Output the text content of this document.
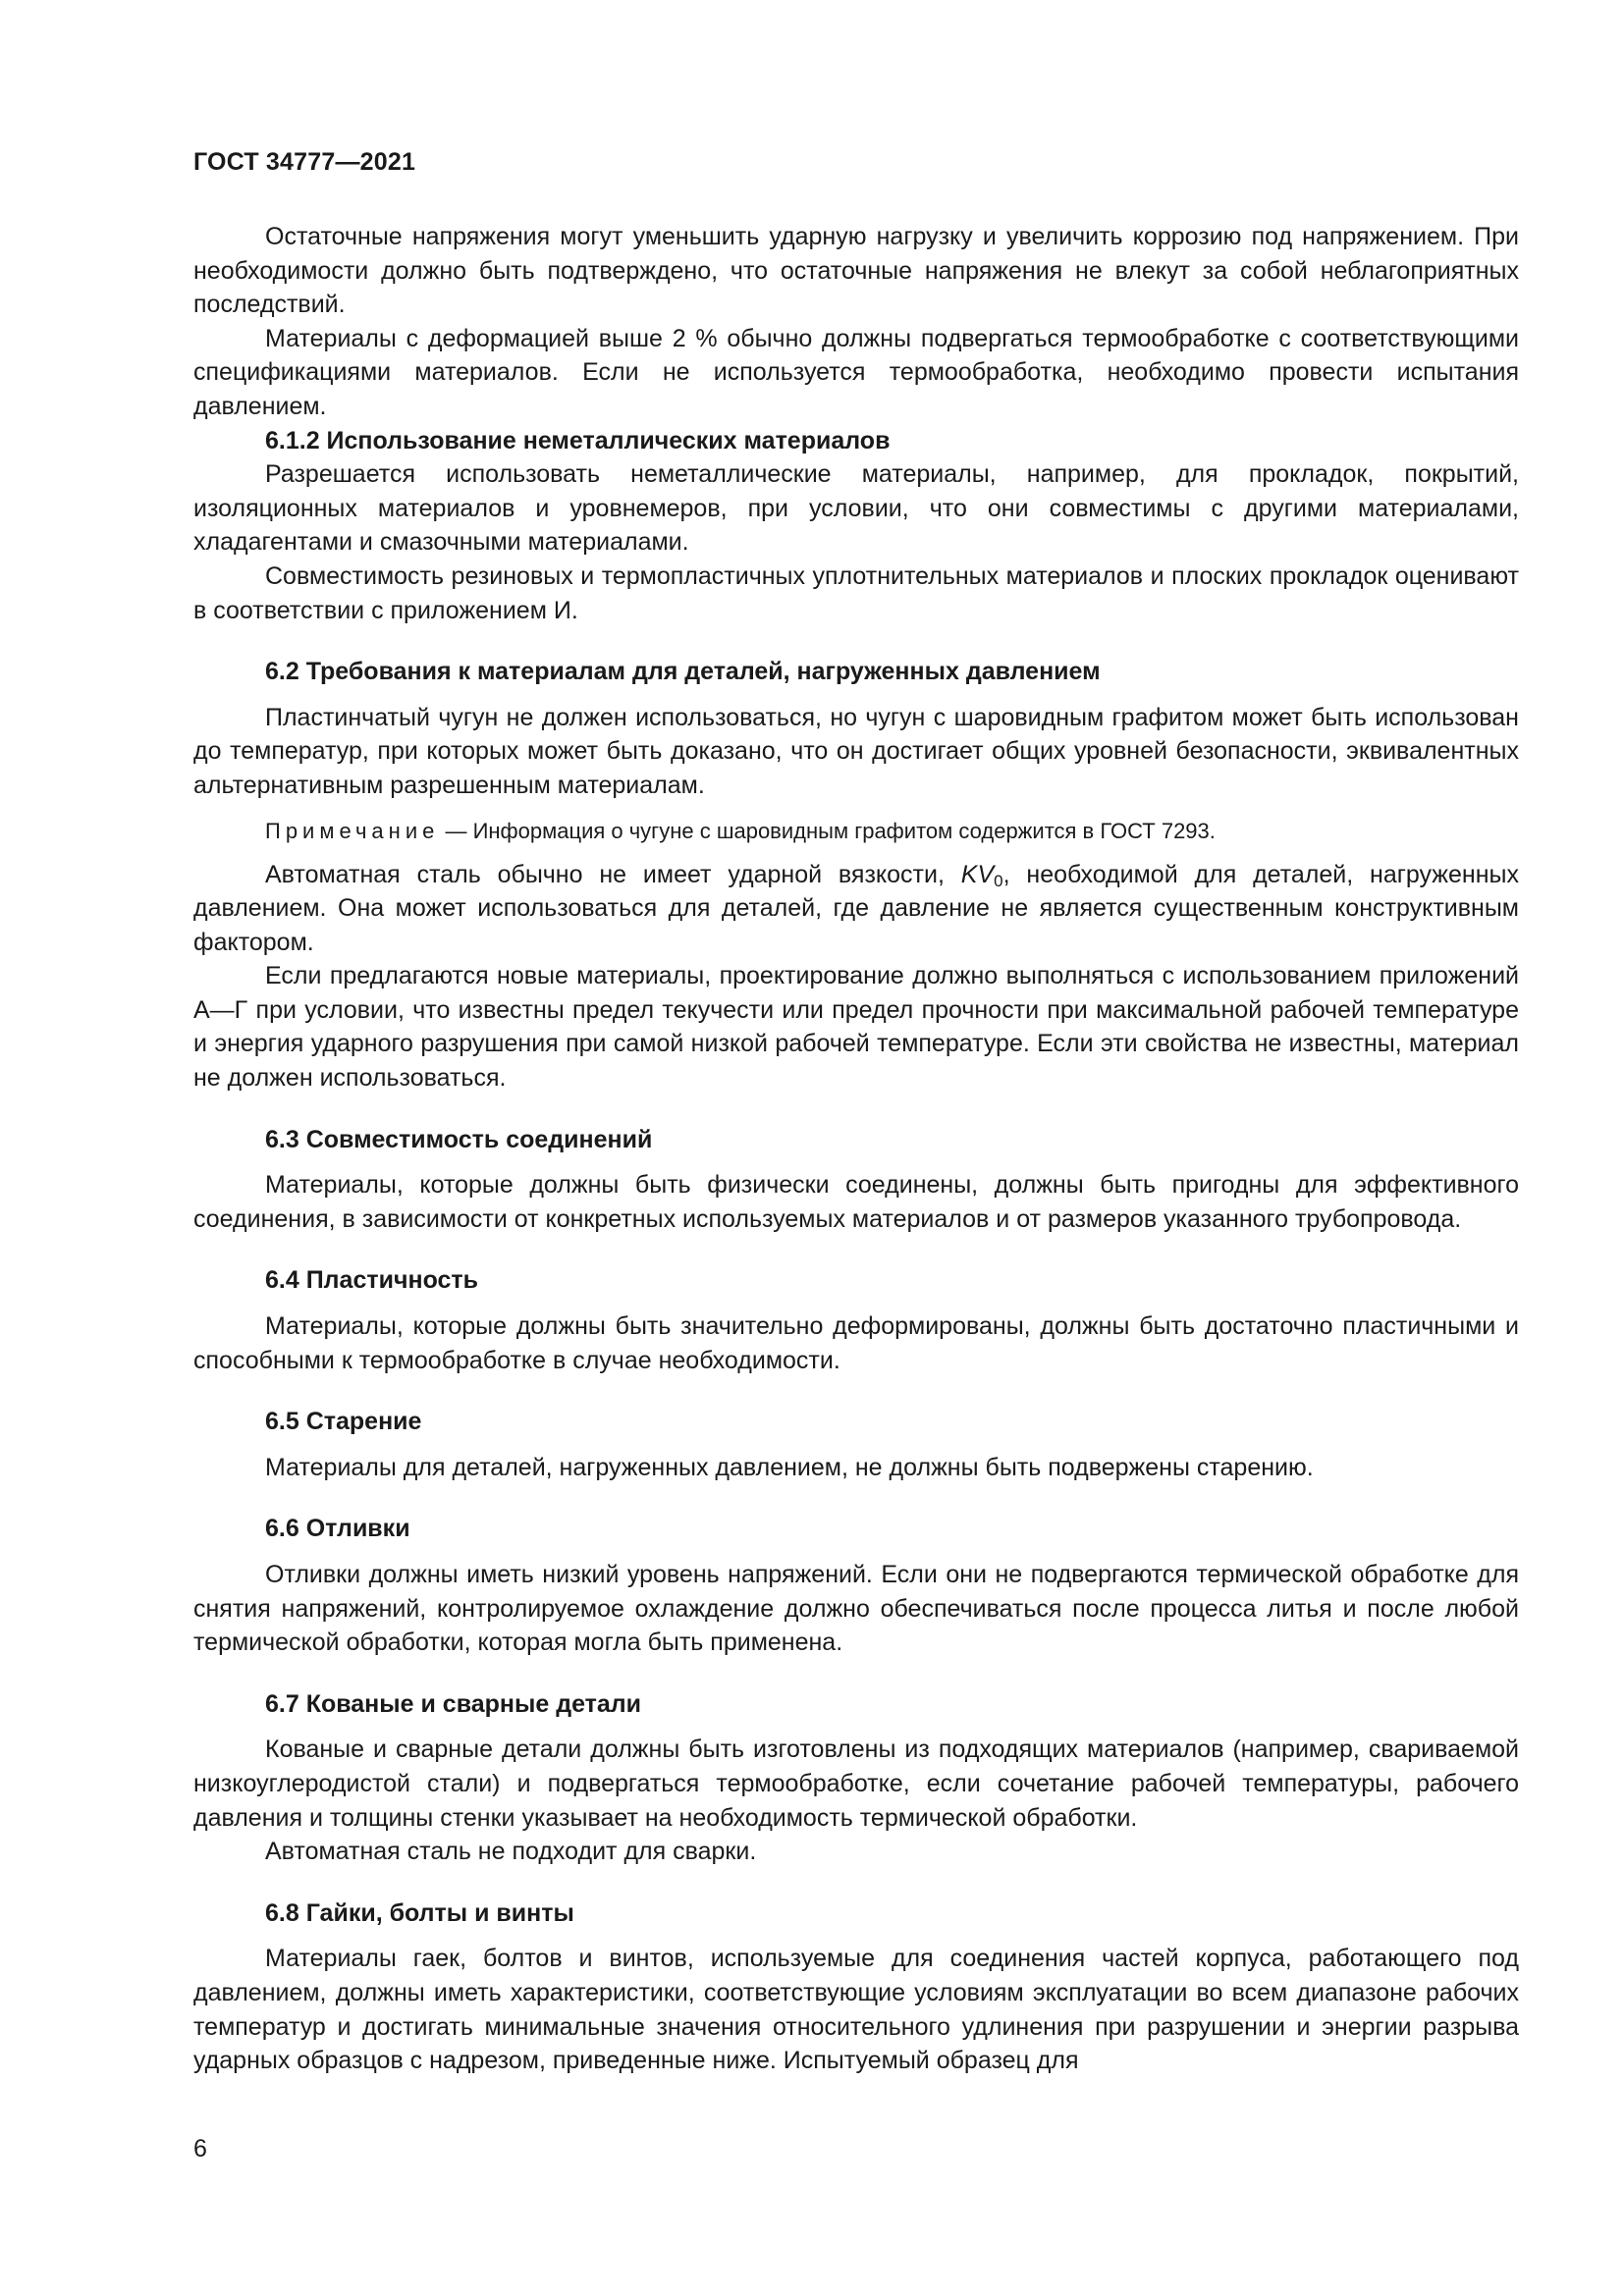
ГОСТ 34777—2021

Остаточные напряжения могут уменьшить ударную нагрузку и увеличить коррозию под напряжением. При необходимости должно быть подтверждено, что остаточные напряжения не влекут за собой неблагоприятных последствий.

Материалы с деформацией выше 2 % обычно должны подвергаться термообработке с соответствующими спецификациями материалов. Если не используется термообработка, необходимо провести испытания давлением.

6.1.2 Использование неметаллических материалов

Разрешается использовать неметаллические материалы, например, для прокладок, покрытий, изоляционных материалов и уровнемеров, при условии, что они совместимы с другими материалами, хладагентами и смазочными материалами.

Совместимость резиновых и термопластичных уплотнительных материалов и плоских прокладок оценивают в соответствии с приложением И.

6.2 Требования к материалам для деталей, нагруженных давлением

Пластинчатый чугун не должен использоваться, но чугун с шаровидным графитом может быть использован до температур, при которых может быть доказано, что он достигает общих уровней безопасности, эквивалентных альтернативным разрешенным материалам.

Примечание — Информация о чугуне с шаровидным графитом содержится в ГОСТ 7293.

Автоматная сталь обычно не имеет ударной вязкости, $KV_0$, необходимой для деталей, нагруженных давлением. Она может использоваться для деталей, где давление не является существенным конструктивным фактором.

Если предлагаются новые материалы, проектирование должно выполняться с использованием приложений А—Г при условии, что известны предел текучести или предел прочности при максимальной рабочей температуре и энергия ударного разрушения при самой низкой рабочей температуре. Если эти свойства не известны, материал не должен использоваться.

6.3 Совместимость соединений

Материалы, которые должны быть физически соединены, должны быть пригодны для эффективного соединения, в зависимости от конкретных используемых материалов и от размеров указанного трубопровода.

6.4 Пластичность

Материалы, которые должны быть значительно деформированы, должны быть достаточно пластичными и способными к термообработке в случае необходимости.

6.5 Старение

Материалы для деталей, нагруженных давлением, не должны быть подвержены старению.

6.6 Отливки

Отливки должны иметь низкий уровень напряжений. Если они не подвергаются термической обработке для снятия напряжений, контролируемое охлаждение должно обеспечиваться после процесса литья и после любой термической обработки, которая могла быть применена.

6.7 Кованые и сварные детали

Кованые и сварные детали должны быть изготовлены из подходящих материалов (например, свариваемой низкоуглеродистой стали) и подвергаться термообработке, если сочетание рабочей температуры, рабочего давления и толщины стенки указывает на необходимость термической обработки.

Автоматная сталь не подходит для сварки.

6.8 Гайки, болты и винты

Материалы гаек, болтов и винтов, используемые для соединения частей корпуса, работающего под давлением, должны иметь характеристики, соответствующие условиям эксплуатации во всем диапазоне рабочих температур и достигать минимальные значения относительного удлинения при разрушении и энергии разрыва ударных образцов с надрезом, приведенные ниже. Испытуемый образец для

6
